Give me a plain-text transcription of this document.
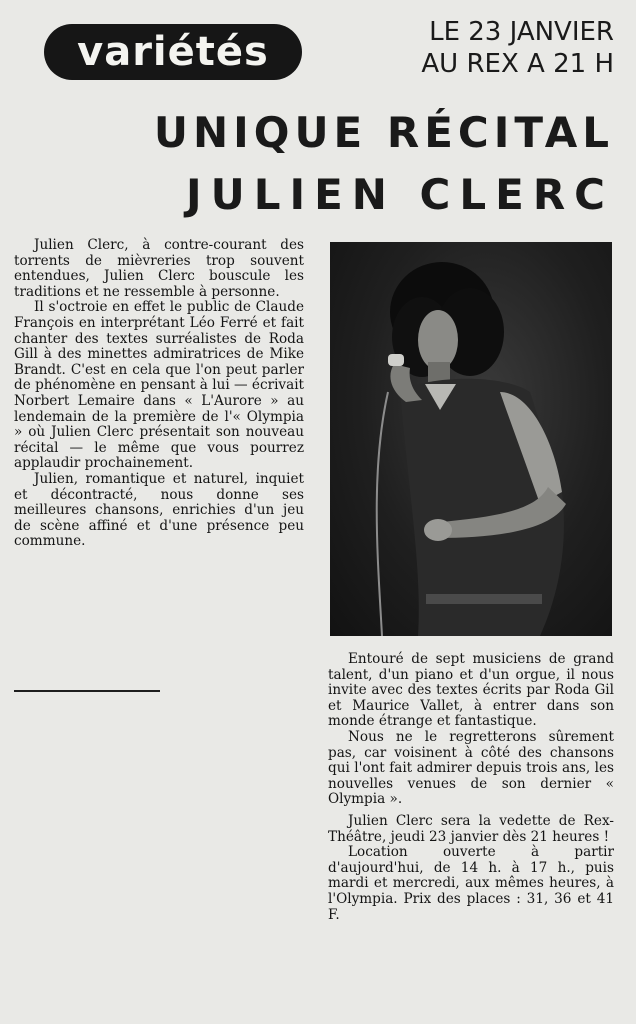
variétés	LE 23 JANVIER
AU REX A 21 H
UNIQUE RÉCITAL
JULIEN CLERC

Julien Clerc, à contre-courant des torrents de mièvreries trop souvent entendues, Julien Clerc bouscule les traditions et ne ressemble à personne.

Il s'octroie en effet le public de Claude François en interprétant Léo Ferré et fait chanter des textes surréalistes de Roda Gill à des minettes admiratrices de Mike Brandt. C'est en cela que l'on peut parler de phénomène en pensant à lui — écrivait Norbert Lemaire dans « L'Aurore » au lendemain de la première de l'« Olympia » où Julien Clerc présentait son nouveau récital — le même que vous pourrez applaudir prochainement.

Julien, romantique et naturel, inquiet et décontracté, nous donne ses meilleures chansons, enrichies d'un jeu de scène affiné et d'une présence peu commune.

Entouré de sept musiciens de grand talent, d'un piano et d'un orgue, il nous invite avec des textes écrits par Roda Gil et Maurice Vallet, à entrer dans son monde étrange et fantastique.

Nous ne le regretterons sûrement pas, car voisinent à côté des chansons qui l'ont fait admirer depuis trois ans, les nouvelles venues de son dernier « Olympia ».

Julien Clerc sera la vedette de Rex-Théâtre, jeudi 23 janvier dès 21 heures !

Location ouverte à partir d'aujourd'hui, de 14 h. à 17 h., puis mardi et mercredi, aux mêmes heures, à l'Olympia. Prix des places : 31, 36 et 41 F.
